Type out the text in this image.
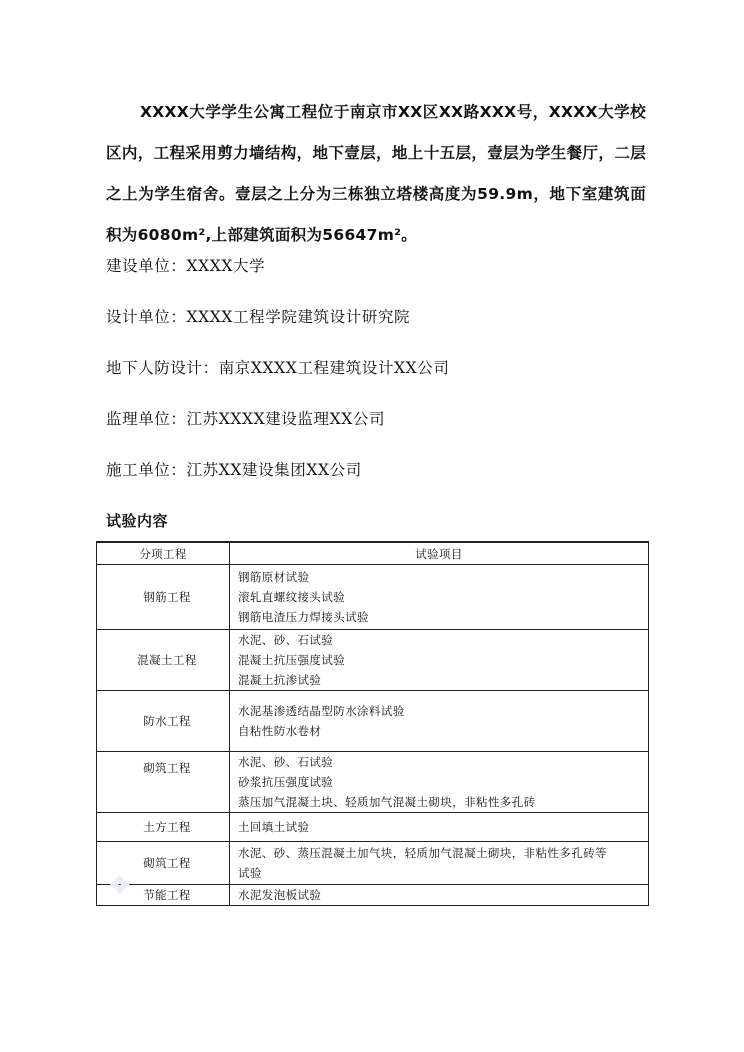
XXXX大学学生公寓工程位于南京市XX区XX路XXX号，XXXX大学校区内，工程采用剪力墙结构，地下壹层，地上十五层，壹层为学生餐厅，二层之上为学生宿舍。壹层之上分为三栋独立塔楼高度为59.9m，地下室建筑面积为6080m²,上部建筑面积为56647m²。

建设单位：XXXX大学

设计单位：XXXX工程学院建筑设计研究院

地下人防设计：南京XXXX工程建筑设计XX公司

监理单位：江苏XXXX建设监理XX公司

施工单位：江苏XX建设集团XX公司

试验内容

分项工程	试验项目
钢筋工程	钢筋原材试验
滚轧直螺纹接头试验
钢筋电渣压力焊接头试验

混凝土工程	水泥、砂、石试验
混凝土抗压强度试验
混凝土抗渗试验

防水工程	水泥基渗透结晶型防水涂料试验
自粘性防水卷材

砌筑工程	水泥、砂、石试验
砂浆抗压强度试验
蒸压加气混凝土块、轻质加气混凝土砌块，非粘性多孔砖

土方工程	土回填土试验

砌筑工程	水泥、砂、蒸压混凝土加气块，轻质加气混凝土砌块，非粘性多孔砖等
试验

节能工程	水泥发泡板试验
❖
